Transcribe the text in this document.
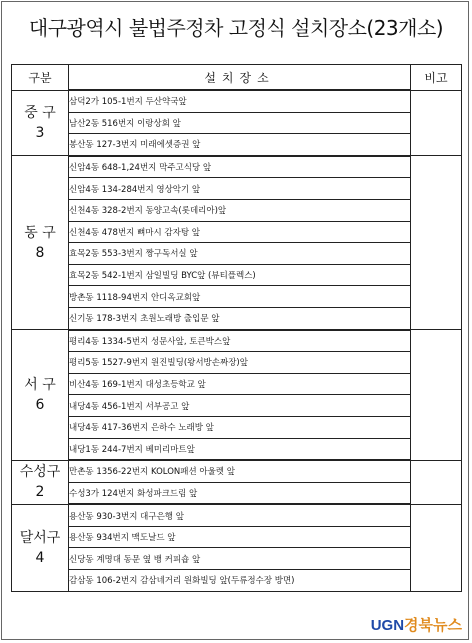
대구광역시 불법주정차 고정식 설치장소(23개소)
구분	설치장소	비고

중 구
3	삼덕2가 105-1번지 두산약국앞	
	남산2동 516번지 이랑상회 앞	
	봉산동 127-3번지 미래에셋증권 앞	

동 구
8	신암4동 648-1,24번지 막주고식당 앞	
	신암4동 134-284번지 영상악기 앞	
	신천4동 328-2번지 동양고속(롯데리아)앞	
	신천4동 478번지 뼈마시 감자탕 앞	
	효목2동 553-3번지 짱구독서실 앞	
	효목2동 542-1번지 삼일빌딩 BYC앞 (뷰티플렉스)	
	방촌동 1118-94번지 안디옥교회앞	
	신기동 178-3번지 초원노래방 출입문 앞	

서 구
6	평리4동 1334-5번지 성문사앞, 토큰박스앞	
	평리5동 1527-9번지 원진빌딩(왕서방손짜장)앞	
	비산4동 169-1번지 대성초등학교 앞	
	내당4동 456-1번지 서부공고 앞	
	내당4동 417-36번지 은하수 노래방 앞	
	내당1동 244-7번지 베미리마트앞	

수성구
2	만촌동 1356-22번지 KOLON패션 아울렛 앞	
	수성3가 124번지 화성파크드림 앞	

달서구
4	용산동 930-3번지 대구은행 앞	
	용산동 934번지 맥도날드 앞	
	신당동 계명대 동문 옆 뱅 커피숍 앞	
	감삼동 106-2번지 감삼네거리 원화빌딩 앞(두류정수장 방면)	
UGN경북뉴스
